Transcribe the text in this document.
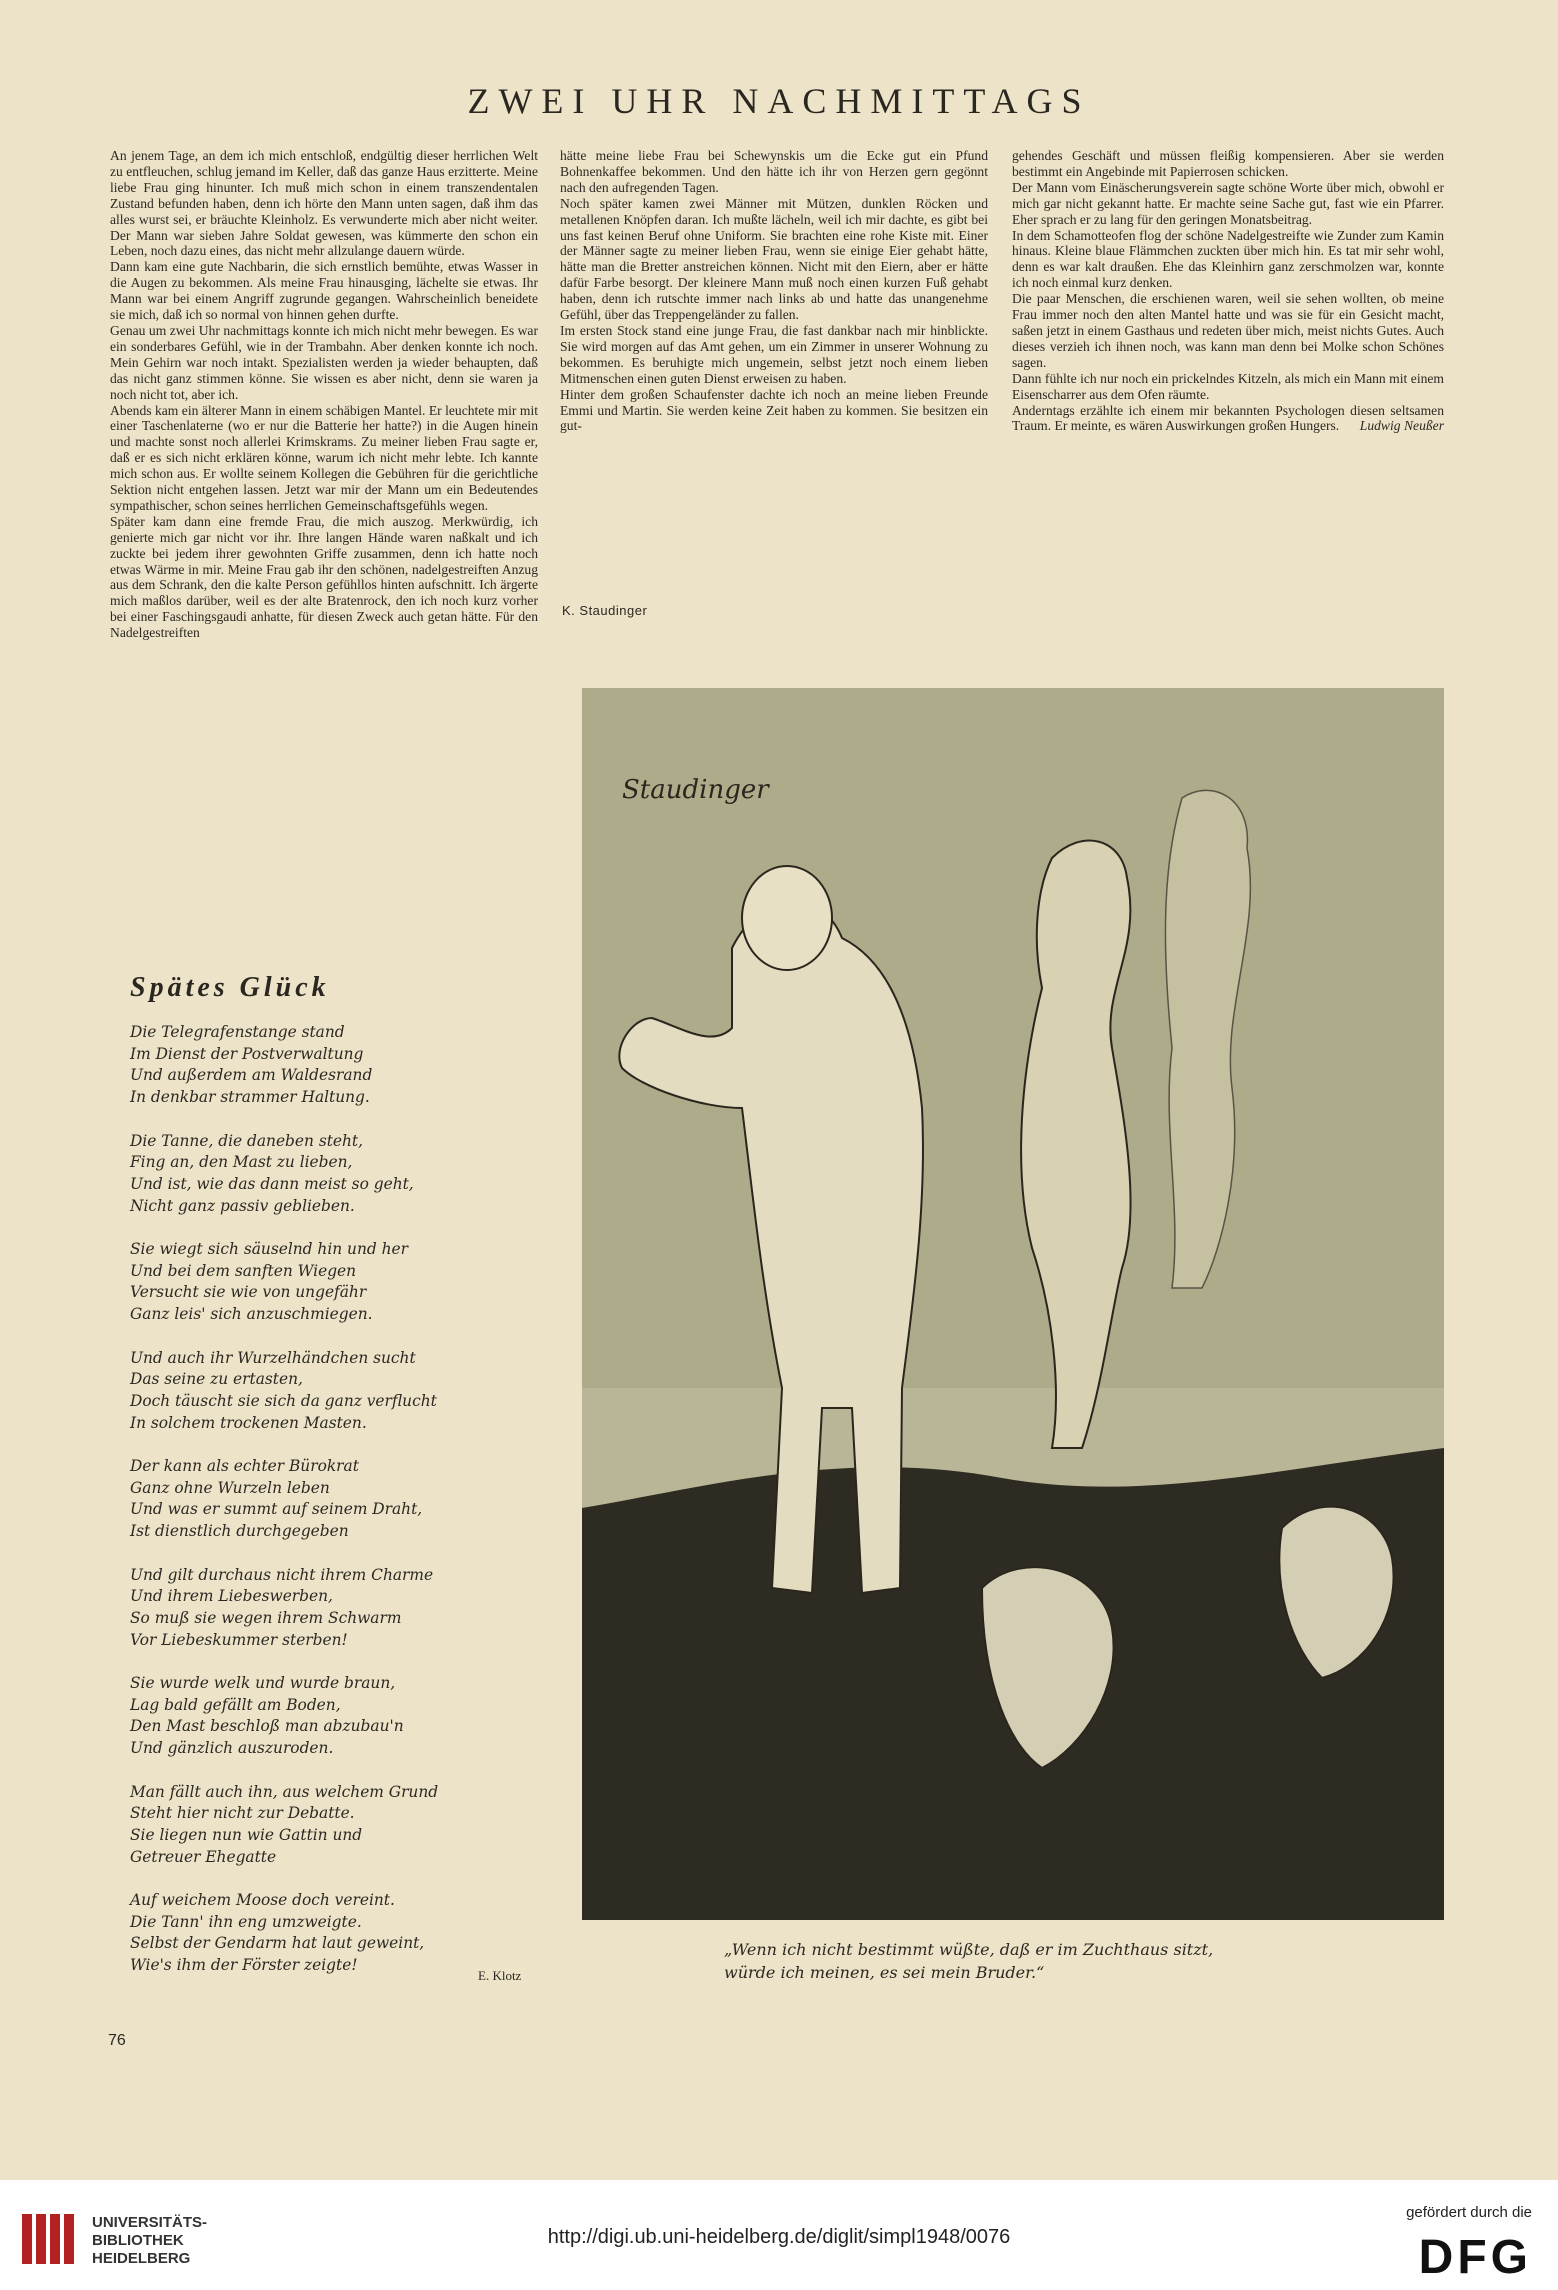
ZWEI UHR NACHMITTAGS

An jenem Tage, an dem ich mich entschloß, endgültig dieser herrlichen Welt zu entfleuchen, schlug jemand im Keller, daß das ganze Haus erzitterte. Meine liebe Frau ging hinunter. Ich muß mich schon in einem transzendentalen Zustand befunden haben, denn ich hörte den Mann unten sagen, daß ihm das alles wurst sei, er bräuchte Kleinholz. Es verwunderte mich aber nicht weiter. Der Mann war sieben Jahre Soldat gewesen, was kümmerte den schon ein Leben, noch dazu eines, das nicht mehr allzulange dauern würde.

Dann kam eine gute Nachbarin, die sich ernstlich bemühte, etwas Wasser in die Augen zu bekommen. Als meine Frau hinausging, lächelte sie etwas. Ihr Mann war bei einem Angriff zugrunde gegangen. Wahrscheinlich beneidete sie mich, daß ich so normal von hinnen gehen durfte.

Genau um zwei Uhr nachmittags konnte ich mich nicht mehr bewegen. Es war ein sonderbares Gefühl, wie in der Trambahn. Aber denken konnte ich noch. Mein Gehirn war noch intakt. Spezialisten werden ja wieder behaupten, daß das nicht ganz stimmen könne. Sie wissen es aber nicht, denn sie waren ja noch nicht tot, aber ich.

Abends kam ein älterer Mann in einem schäbigen Mantel. Er leuchtete mir mit einer Taschenlaterne (wo er nur die Batterie her hatte?) in die Augen hinein und machte sonst noch allerlei Krimskrams. Zu meiner lieben Frau sagte er, daß er es sich nicht erklären könne, warum ich nicht mehr lebte. Ich kannte mich schon aus. Er wollte seinem Kollegen die Gebühren für die gerichtliche Sektion nicht entgehen lassen. Jetzt war mir der Mann um ein Bedeutendes sympathischer, schon seines herrlichen Gemeinschaftsgefühls wegen.

Später kam dann eine fremde Frau, die mich auszog. Merkwürdig, ich genierte mich gar nicht vor ihr. Ihre langen Hände waren naßkalt und ich zuckte bei jedem ihrer gewohnten Griffe zusammen, denn ich hatte noch etwas Wärme in mir. Meine Frau gab ihr den schönen, nadelgestreiften Anzug aus dem Schrank, den die kalte Person gefühllos hinten aufschnitt. Ich ärgerte mich maßlos darüber, weil es der alte Bratenrock, den ich noch kurz vorher bei einer Faschingsgaudi anhatte, für diesen Zweck auch getan hätte. Für den Nadelgestreiften

hätte meine liebe Frau bei Schewynskis um die Ecke gut ein Pfund Bohnenkaffee bekommen. Und den hätte ich ihr von Herzen gern gegönnt nach den aufregenden Tagen.

Noch später kamen zwei Männer mit Mützen, dunklen Röcken und metallenen Knöpfen daran. Ich mußte lächeln, weil ich mir dachte, es gibt bei uns fast keinen Beruf ohne Uniform. Sie brachten eine rohe Kiste mit. Einer der Männer sagte zu meiner lieben Frau, wenn sie einige Eier gehabt hätte, hätte man die Bretter anstreichen können. Nicht mit den Eiern, aber er hätte dafür Farbe besorgt. Der kleinere Mann muß noch einen kurzen Fuß gehabt haben, denn ich rutschte immer nach links ab und hatte das unangenehme Gefühl, über das Treppengeländer zu fallen.

Im ersten Stock stand eine junge Frau, die fast dankbar nach mir hinblickte. Sie wird morgen auf das Amt gehen, um ein Zimmer in unserer Wohnung zu bekommen. Es beruhigte mich ungemein, selbst jetzt noch einem lieben Mitmenschen einen guten Dienst erweisen zu haben.

Hinter dem großen Schaufenster dachte ich noch an meine lieben Freunde Emmi und Martin. Sie werden keine Zeit haben zu kommen. Sie besitzen ein gut-

gehendes Geschäft und müssen fleißig kompensieren. Aber sie werden bestimmt ein Angebinde mit Papierrosen schicken.

Der Mann vom Einäscherungsverein sagte schöne Worte über mich, obwohl er mich gar nicht gekannt hatte. Er machte seine Sache gut, fast wie ein Pfarrer. Eher sprach er zu lang für den geringen Monatsbeitrag.

In dem Schamotteofen flog der schöne Nadelgestreifte wie Zunder zum Kamin hinaus. Kleine blaue Flämmchen zuckten über mich hin. Es tat mir sehr wohl, denn es war kalt draußen. Ehe das Kleinhirn ganz zerschmolzen war, konnte ich noch einmal kurz denken.

Die paar Menschen, die erschienen waren, weil sie sehen wollten, ob meine Frau immer noch den alten Mantel hatte und was sie für ein Gesicht macht, saßen jetzt in einem Gasthaus und redeten über mich, meist nichts Gutes. Auch dieses verzieh ich ihnen noch, was kann man denn bei Molke schon Schönes sagen.

Dann fühlte ich nur noch ein prickelndes Kitzeln, als mich ein Mann mit einem Eisenscharrer aus dem Ofen räumte.

Anderntags erzählte ich einem mir bekannten Psychologen diesen seltsamen Traum. Er meinte, es wären Auswirkungen großen Hungers. Ludwig Neußer

K. Staudinger
Staudinger
Spätes Glück
Die Telegrafenstange stand
Im Dienst der Postverwaltung
Und außerdem am Waldesrand
In denkbar strammer Haltung.
Die Tanne, die daneben steht,
Fing an, den Mast zu lieben,
Und ist, wie das dann meist so geht,
Nicht ganz passiv geblieben.
Sie wiegt sich säuselnd hin und her
Und bei dem sanften Wiegen
Versucht sie wie von ungefähr
Ganz leis' sich anzuschmiegen.
Und auch ihr Wurzelhändchen sucht
Das seine zu ertasten,
Doch täuscht sie sich da ganz verflucht
In solchem trockenen Masten.
Der kann als echter Bürokrat
Ganz ohne Wurzeln leben
Und was er summt auf seinem Draht,
Ist dienstlich durchgegeben
Und gilt durchaus nicht ihrem Charme
Und ihrem Liebeswerben,
So muß sie wegen ihrem Schwarm
Vor Liebeskummer sterben!
Sie wurde welk und wurde braun,
Lag bald gefällt am Boden,
Den Mast beschloß man abzubau'n
Und gänzlich auszuroden.
Man fällt auch ihn, aus welchem Grund
Steht hier nicht zur Debatte.
Sie liegen nun wie Gattin und
Getreuer Ehegatte
Auf weichem Moose doch vereint.
Die Tann' ihn eng umzweigte.
Selbst der Gendarm hat laut geweint,
Wie's ihm der Förster zeigte!
E. Klotz
„Wenn ich nicht bestimmt wüßte, daß er im Zuchthaus sitzt,
würde ich meinen, es sei mein Bruder.“
76
UNIVERSITÄTS-
BIBLIOTHEK
HEIDELBERG
http://digi.ub.uni-heidelberg.de/diglit/simpl1948/0076
gefördert durch die
DFG
